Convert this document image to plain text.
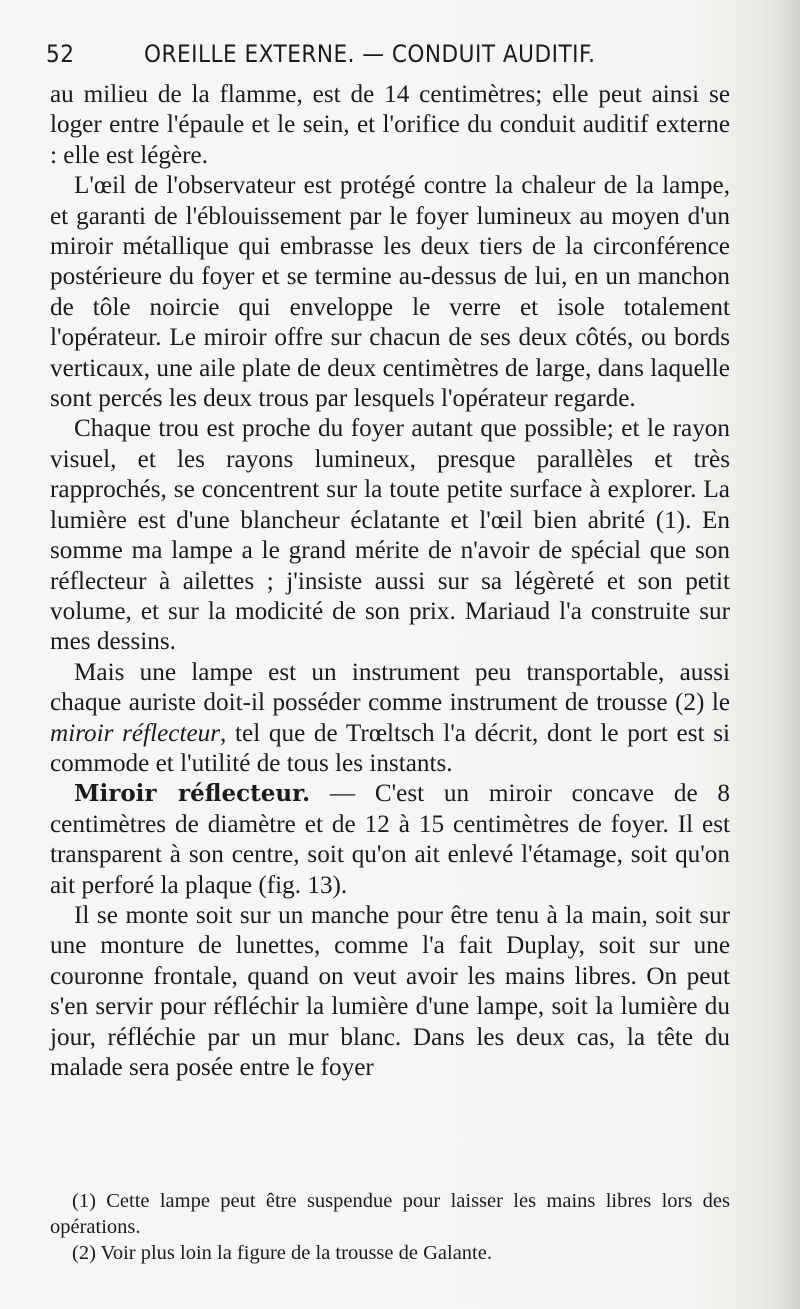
52	OREILLE EXTERNE. — CONDUIT AUDITIF.

au milieu de la flamme, est de 14 centimètres; elle peut ainsi se loger entre l'épaule et le sein, et l'orifice du conduit auditif externe : elle est légère.

L'œil de l'observateur est protégé contre la chaleur de la lampe, et garanti de l'éblouissement par le foyer lumineux au moyen d'un miroir métallique qui embrasse les deux tiers de la circonférence postérieure du foyer et se termine au-dessus de lui, en un manchon de tôle noircie qui enveloppe le verre et isole totalement l'opérateur. Le miroir offre sur chacun de ses deux côtés, ou bords verticaux, une aile plate de deux centimètres de large, dans laquelle sont percés les deux trous par lesquels l'opérateur regarde.

Chaque trou est proche du foyer autant que possible; et le rayon visuel, et les rayons lumineux, presque parallèles et très rapprochés, se concentrent sur la toute petite surface à explorer. La lumière est d'une blancheur éclatante et l'œil bien abrité (1). En somme ma lampe a le grand mérite de n'avoir de spécial que son réflecteur à ailettes ; j'insiste aussi sur sa légèreté et son petit volume, et sur la modicité de son prix. Mariaud l'a construite sur mes dessins.

Mais une lampe est un instrument peu transportable, aussi chaque auriste doit-il posséder comme instrument de trousse (2) le miroir réflecteur, tel que de Trœltsch l'a décrit, dont le port est si commode et l'utilité de tous les instants.

Miroir réflecteur. — C'est un miroir concave de 8 centimètres de diamètre et de 12 à 15 centimètres de foyer. Il est transparent à son centre, soit qu'on ait enlevé l'étamage, soit qu'on ait perforé la plaque (fig. 13).

Il se monte soit sur un manche pour être tenu à la main, soit sur une monture de lunettes, comme l'a fait Duplay, soit sur une couronne frontale, quand on veut avoir les mains libres. On peut s'en servir pour réfléchir la lumière d'une lampe, soit la lumière du jour, réfléchie par un mur blanc. Dans les deux cas, la tête du malade sera posée entre le foyer

(1) Cette lampe peut être suspendue pour laisser les mains libres lors des opérations.

(2) Voir plus loin la figure de la trousse de Galante.
